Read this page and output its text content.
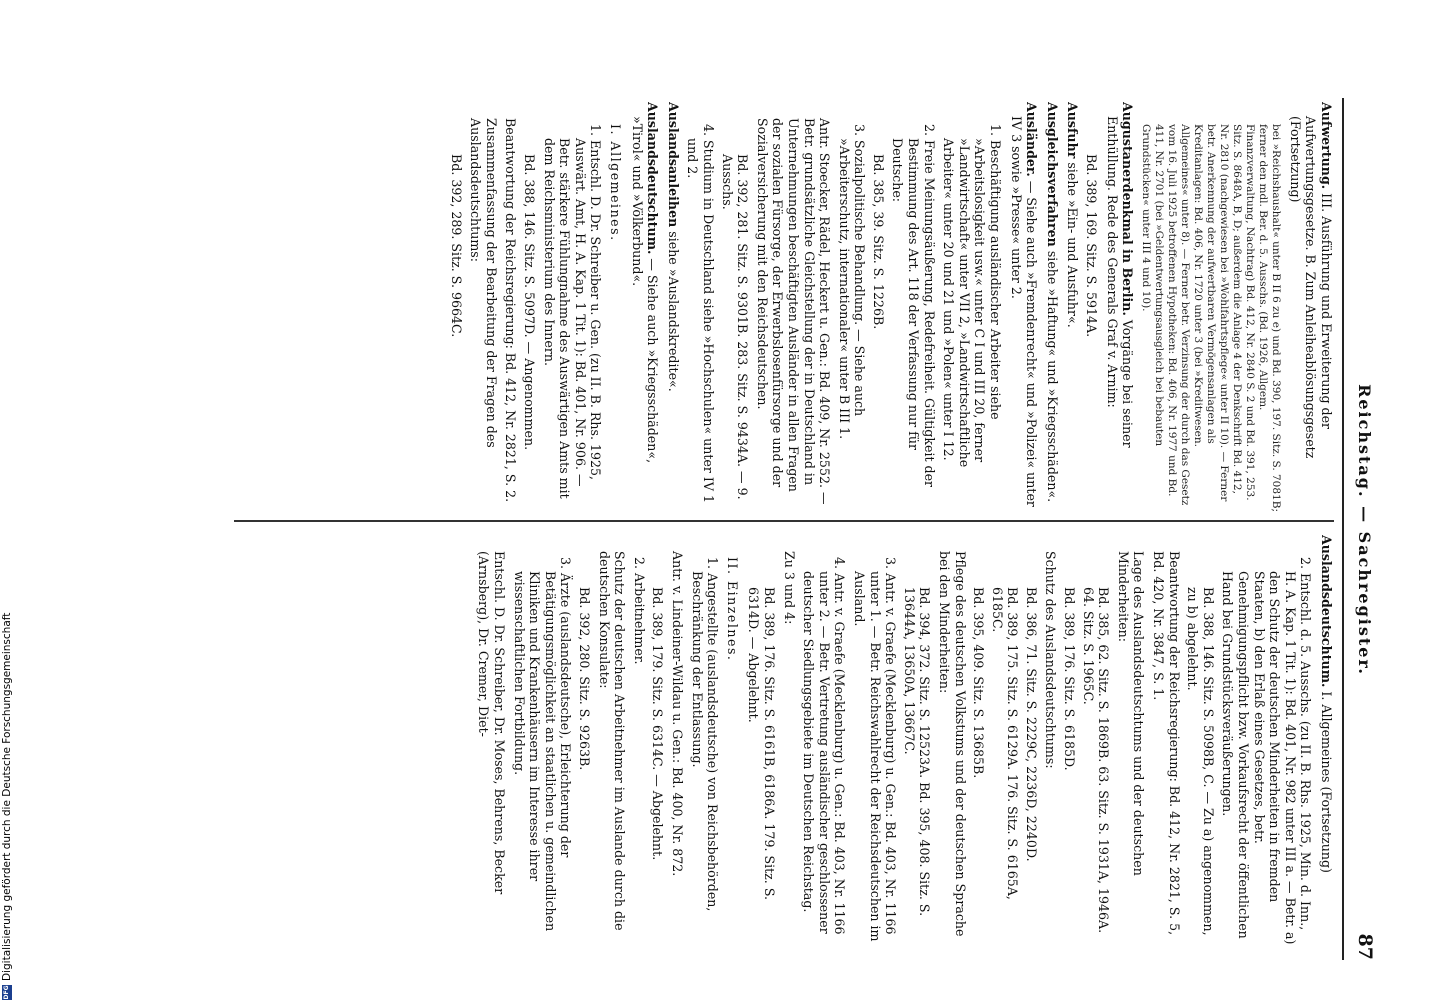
Reichstag. — Sachregister.
87
Aufwertung. III. Ausführung und Erweiterung der Aufwertungsgesetze. B. Zum Anleiheablösungsgesetz (Fortsetzung)
bei »Reichshaushalt« unter B II 6 zu e) und Bd. 390, 197. Sitz. S. 7081B; ferner den mdl. Ber. d. 5. Ausschs. (Bd. 1926, Allgem. Finanzverwaltung, Nachtrag) Bd. 412, Nr. 2840 S. 2 und Bd. 391, 253. Sitz. S. 8648A, B, D; außerdem die Anlage 4 der Denkschrift Bd. 412, Nr. 2810 (nachgewiesen bei »Wohlfahrtspflege« unter II 10). — Ferner betr. Anerkennung der aufwertbaren Vermögensanlagen als Kreditanlagen: Bd. 406, Nr. 1720 unter 3 (bei »Kreditwesen. Allgemeines« unter 8). — Ferner betr. Verzinsung der durch das Gesetz vom 16. Juli 1925 betroffenen Hypotheken: Bd. 406, Nr. 1977 und Bd. 411, Nr. 2701 (bei »Geldentwertungsausgleich bei bebauten Grundstücken« unter III 4 und 10).
Augustanerdenkmal in Berlin. Vorgänge bei seiner Enthüllung. Rede des Generals Graf v. Arnim:
Bd. 389, 169. Sitz. S. 5914A.
Ausfuhr siehe »Ein- und Ausfuhr«.
Ausgleichsverfahren siehe »Haftung« und »Kriegsschäden«.
Ausländer. — Siehe auch »Fremdenrecht« und »Polizei« unter IV 3 sowie »Presse« unter 2.
1. Beschäftigung ausländischer Arbeiter siehe »Arbeitslosigkeit usw.« unter C I und III 20, ferner »Landwirtschaft« unter VII 2, »Landwirtschaftliche Arbeiter« unter 20 und 21 und »Polen« unter I 12.
2. Freie Meinungsäußerung, Redefreiheit. Gültigkeit der Bestimmung des Art. 118 der Verfassung nur für Deutsche:
Bd. 385, 39. Sitz. S. 1226B.
3. Sozialpolitische Behandlung. — Siehe auch »Arbeiterschutz, internationaler« unter B III 1.
Antr. Stoecker, Rädel, Heckert u. Gen.: Bd. 409, Nr. 2552. — Betr. grundsätzliche Gleichstellung der in Deutschland in Unternehmungen beschäftigten Ausländer in allen Fragen der sozialen Fürsorge, der Erwerbslosenfürsorge und der Sozialversicherung mit den Reichsdeutschen.
Bd. 392, 281. Sitz. S. 9301B. 283. Sitz. S. 9434A. — 9. Ausschs.
4. Studium in Deutschland siehe »Hochschulen« unter IV 1 und 2.
Auslandsanleihen siehe »Auslandskredite«.
Auslandsdeutschtum. — Siehe auch »Kriegsschäden«, »Tirol« und »Völkerbund«.
I. Allgemeines.
1. Entschl. D. Dr. Schreiber u. Gen. (zu II. B. Rhs. 1925, Auswärt. Amt, H. A. Kap. 1 Tit. 1): Bd. 401, Nr. 906. — Betr. stärkere Fühlungnahme des Auswärtigen Amts mit dem Reichsministerium des Innern.
Bd. 388, 146. Sitz. S. 5097D. — Angenommen.
Beantwortung der Reichsregierung: Bd. 412, Nr. 2821, S. 2.
Zusammenfassung der Bearbeitung der Fragen des Auslandsdeutschtums:
Bd. 392, 289. Sitz. S. 9664C.
Auslandsdeutschtum. I. Allgemeines (Fortsetzung)
2. Entschl. d. 5. Ausschs. (zu II. B. Rhs. 1925, Min. d. Inn., H. A. Kap. 1 Tit. 1): Bd. 401, Nr. 982 unter III a. — Betr. a) den Schutz der deutschen Minderheiten in fremden Staaten, b) den Erlaß eines Gesetzes, betr. Genehmigungspflicht bzw. Vorkaufsrecht der öffentlichen Hand bei Grundstücksveräußerungen.
Bd. 388, 146. Sitz. S. 5098B, C. — Zu a) angenommen, zu b) abgelehnt.
Beantwortung der Reichsregierung: Bd. 412, Nr. 2821, S. 5, Bd. 420, Nr. 3847, S. 1.
Lage des Auslandsdeutschtums und der deutschen Minderheiten:
Bd. 385, 62. Sitz. S. 1869B. 63. Sitz. S. 1931A, 1946A. 64. Sitz. S. 1965C.
Bd. 389, 176. Sitz. S. 6185D.
Schutz des Auslandsdeutschtums:
Bd. 386, 71. Sitz. S. 2229C, 2236D, 2240D.
Bd. 389, 175. Sitz. S. 6129A. 176. Sitz. S. 6165A, 6185C.
Bd. 395, 409. Sitz. S. 13685B.
Pflege des deutschen Volkstums und der deutschen Sprache bei den Minderheiten:
Bd. 394, 372. Sitz. S. 12523A. Bd. 395, 408. Sitz. S. 13644A, 13650A, 13667C.
3. Antr. v. Graefe (Mecklenburg) u. Gen.: Bd. 403, Nr. 1166 unter 1. — Betr. Reichswahlrecht der Reichsdeutschen im Ausland.
4. Antr. v. Graefe (Mecklenburg) u. Gen.: Bd. 403, Nr. 1166 unter 2. — Betr. Vertretung ausländischer geschlossener deutscher Siedlungsgebiete im Deutschen Reichstag.
Zu 3 und 4:
Bd. 389, 176. Sitz. S. 6161B, 6186A. 179. Sitz. S. 6314D. — Abgelehnt.
II. Einzelnes.
1. Angestellte (auslandsdeutsche) von Reichsbehörden, Beschränkung der Entlassung.
Antr. v. Lindeiner-Wildau u. Gen.: Bd. 400, Nr. 872.
Bd. 389, 179. Sitz. S. 6314C. — Abgelehnt.
2. Arbeitnehmer.
Schutz der deutschen Arbeitnehmer im Auslande durch die deutschen Konsulate:
Bd. 392, 280. Sitz. S. 9263B.
3. Ärzte (auslandsdeutsche), Erleichterung der Betätigungsmöglichkeit an staatlichen u. gemeindlichen Kliniken und Krankenhäusern im Interesse ihrer wissenschaftlichen Fortbildung.
Entschl. D. Dr. Schreiber, Dr. Moses, Behrens, Becker (Arnsberg), Dr. Cremer, Diet-
DFGDigitalisierung gefördert durch die Deutsche Forschungsgemeinschaft
